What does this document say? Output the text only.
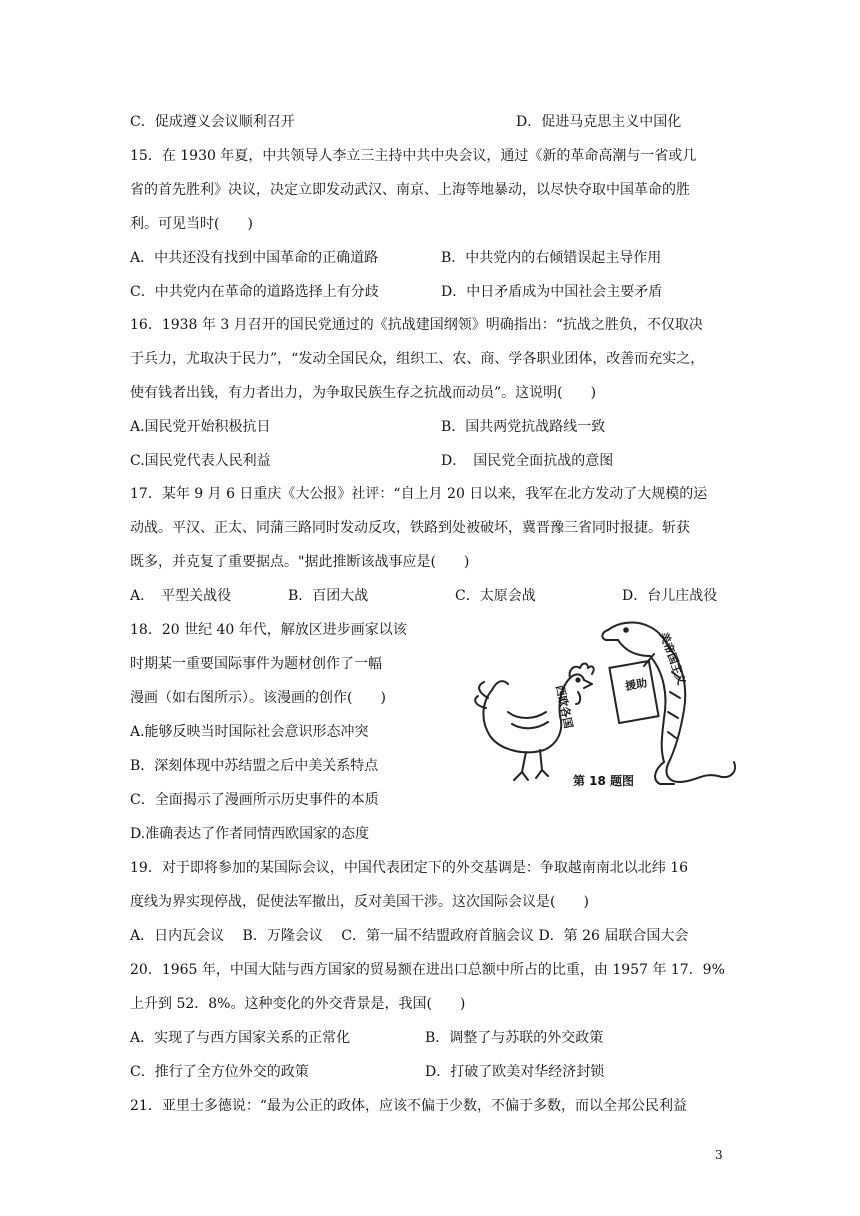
15．在 1930 年夏，中共领导人李立三主持中共中央会议，通过《新的革命高潮与一省或几
省的首先胜利》决议，决定立即发动武汉、南京、上海等地暴动，以尽快夺取中国革命的胜
利。可见当时(　　)
16．1938 年 3 月召开的国民党通过的《抗战建国纲领》明确指出：“抗战之胜负，不仅取决
于兵力，尤取决于民力”，“发动全国民众，组织工、农、商、学各职业团体，改善而充实之，
使有钱者出钱，有力者出力，为争取民族生存之抗战而动员”。这说明(　　)
17．某年 9 月 6 日重庆《大公报》社评：“自上月 20 日以来，我军在北方发动了大规模的运
动战。平汉、正太、同蒲三路同时发动反攻，铁路到处被破坏，冀晋豫三省同时报捷。斩获
既多，并克复了重要据点。"据此推断该战事应是(　　)
18．20 世纪 40 年代，解放区进步画家以该
时期某一重要国际事件为题材创作了一幅
漫画（如右图所示）。该漫画的创作(　　)
A.能够反映当时国际社会意识形态冲突
B．深刻体现中苏结盟之后中美关系特点
C．全面揭示了漫画所示历史事件的本质
D.准确表达了作者同情西欧国家的态度
19．对于即将参加的某国际会议，中国代表团定下的外交基调是：争取越南南北以北纬 16
度线为界实现停战，促使法军撤出，反对美国干涉。这次国际会议是(　　)
A．日内瓦会议　 B．万隆会议　 C．第一届不结盟政府首脑会议 D．第 26 届联合国大会
20．1965 年，中国大陆与西方国家的贸易额在进出口总额中所占的比重，由 1957 年 17．9%
上升到 52．8%。这种变化的外交背景是，我国(　　)
21．亚里士多德说：“最为公正的政体，应该不偏于少数，不偏于多数，而以全邦公民利益
C．促成遵义会议顺利召开	D．促进马克思主义中国化
A．中共还没有找到中国革命的正确道路	B．中共党内的右倾错误起主导作用
C．中共党内在革命的道路选择上有分歧	D．中日矛盾成为中国社会主要矛盾
A.国民党开始积极抗日	B．国共两党抗战路线一致
C.国民党代表人民利益	D．　国民党全面抗战的意图
A．　平型关战役	B．百团大战	C．太原会战	D．台儿庄战役
A．实现了与西方国家关系的正常化	B．调整了与苏联的外交政策
C．推行了全方位外交的政策	D．打破了欧美对华经济封锁
西欧各国
美帝国主义
援助
第 18 题图
3
